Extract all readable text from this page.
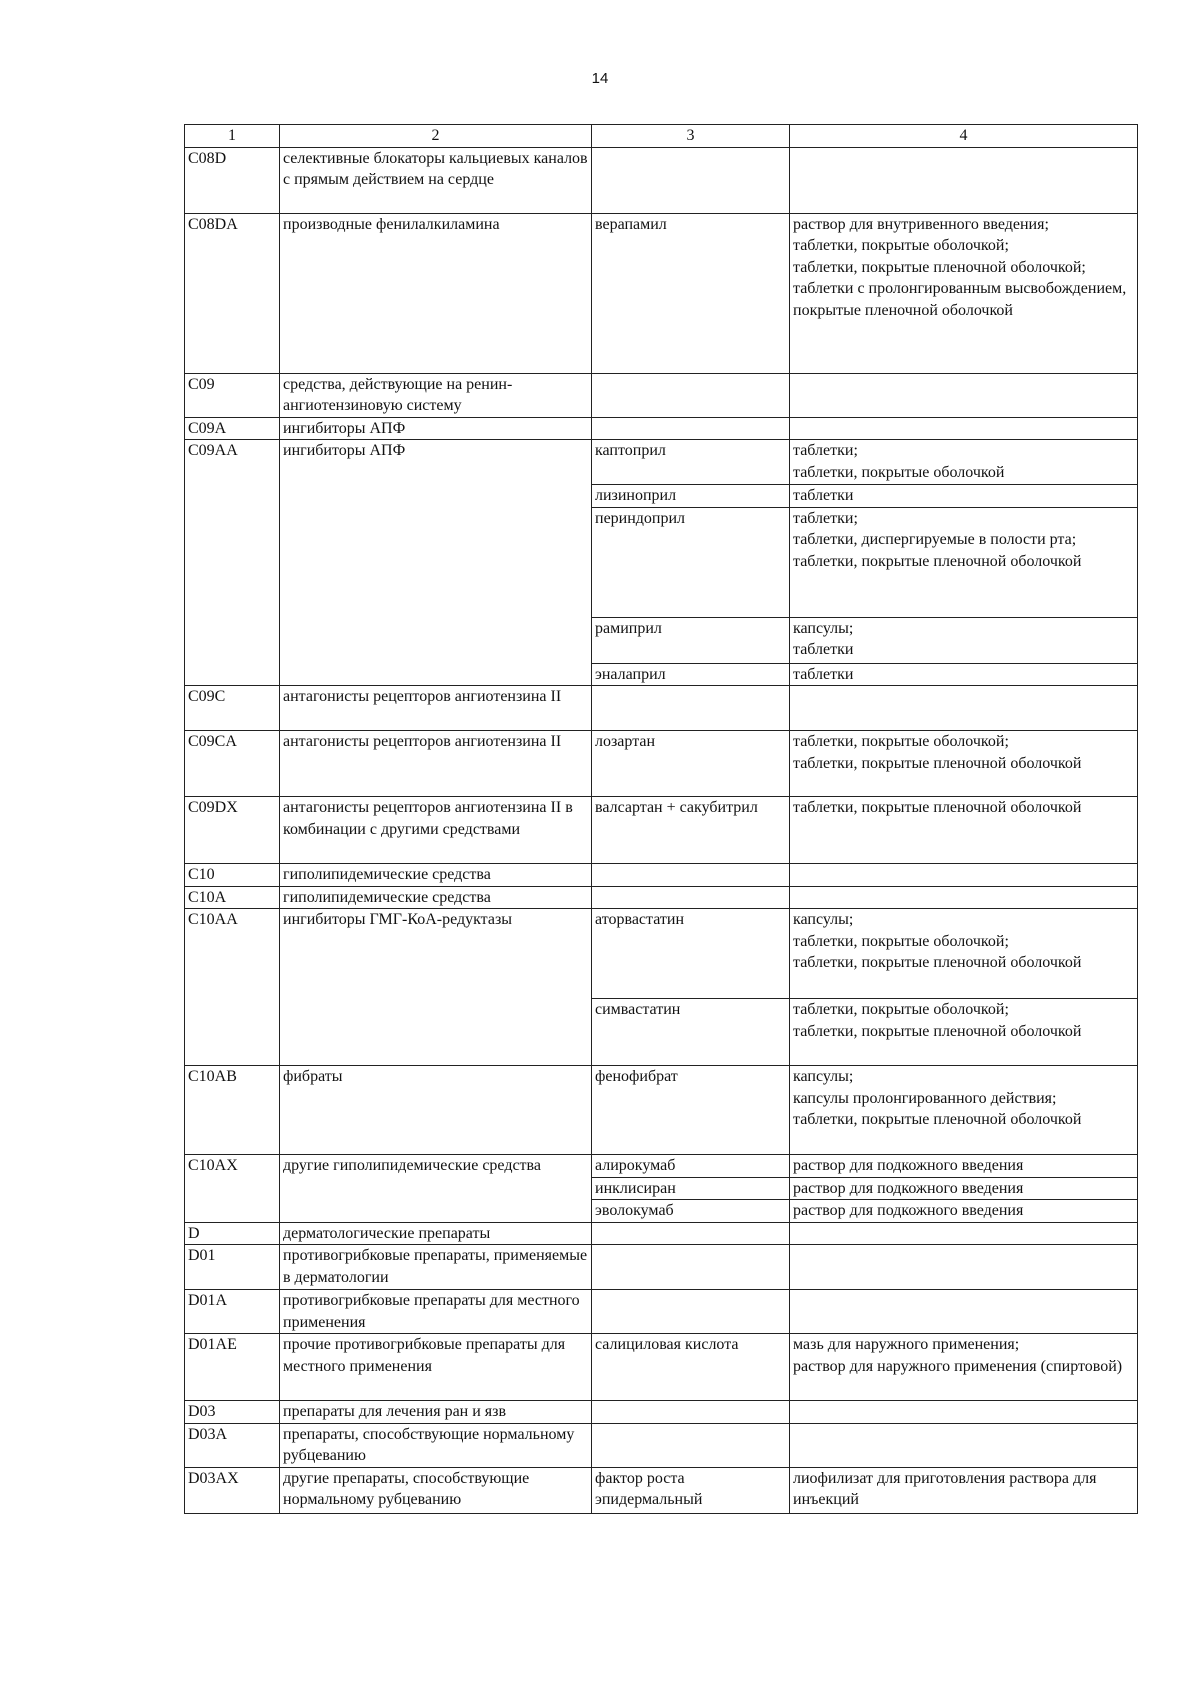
14
1	2	3	4
C08D	селективные блокаторы кальциевых каналов с прямым действием на сердце		
C08DA	производные фенилалкиламина	верапамил	раствор для внутривенного введения;
таблетки, покрытые оболочкой;
таблетки, покрытые пленочной оболочкой;
таблетки с пролонгированным высвобождением, покрытые пленочной оболочкой

C09	средства, действующие на ренин-ангиотензиновую систему		
C09A	ингибиторы АПФ		
C09AA	ингибиторы АПФ	каптоприл	таблетки;
таблетки, покрытые оболочкой

		лизиноприл	таблетки

		периндоприл	таблетки;
таблетки, диспергируемые в полости рта;
таблетки, покрытые пленочной оболочкой

		рамиприл	капсулы;
таблетки

		эналаприл	таблетки

C09C	антагонисты рецепторов ангиотензина II		
C09CA	антагонисты рецепторов ангиотензина II	лозартан	таблетки, покрытые оболочкой;
таблетки, покрытые пленочной оболочкой

C09DX	антагонисты рецепторов ангиотензина II в комбинации с другими средствами	валсартан + сакубитрил	таблетки, покрытые пленочной оболочкой

C10	гиполипидемические средства		
C10A	гиполипидемические средства		
C10AA	ингибиторы ГМГ-КоА-редуктазы	аторвастатин	капсулы;
таблетки, покрытые оболочкой;
таблетки, покрытые пленочной оболочкой

		симвастатин	таблетки, покрытые оболочкой;
таблетки, покрытые пленочной оболочкой

C10AB	фибраты	фенофибрат	капсулы;
капсулы пролонгированного действия;
таблетки, покрытые пленочной оболочкой

C10AX	другие гиполипидемические средства	алирокумаб	раствор для подкожного введения

		инклисиран	раствор для подкожного введения

		эволокумаб	раствор для подкожного введения

D	дерматологические препараты		
D01	противогрибковые препараты, применяемые в дерматологии		
D01A	противогрибковые препараты для местного применения		
D01AE	прочие противогрибковые препараты для местного применения	салициловая кислота	мазь для наружного применения;
раствор для наружного применения (спиртовой)

D03	препараты для лечения ран и язв		
D03A	препараты, способствующие нормальному рубцеванию		
D03AX	другие препараты, способствующие нормальному рубцеванию	фактор роста эпидермальный	лиофилизат для приготовления раствора для инъекций
